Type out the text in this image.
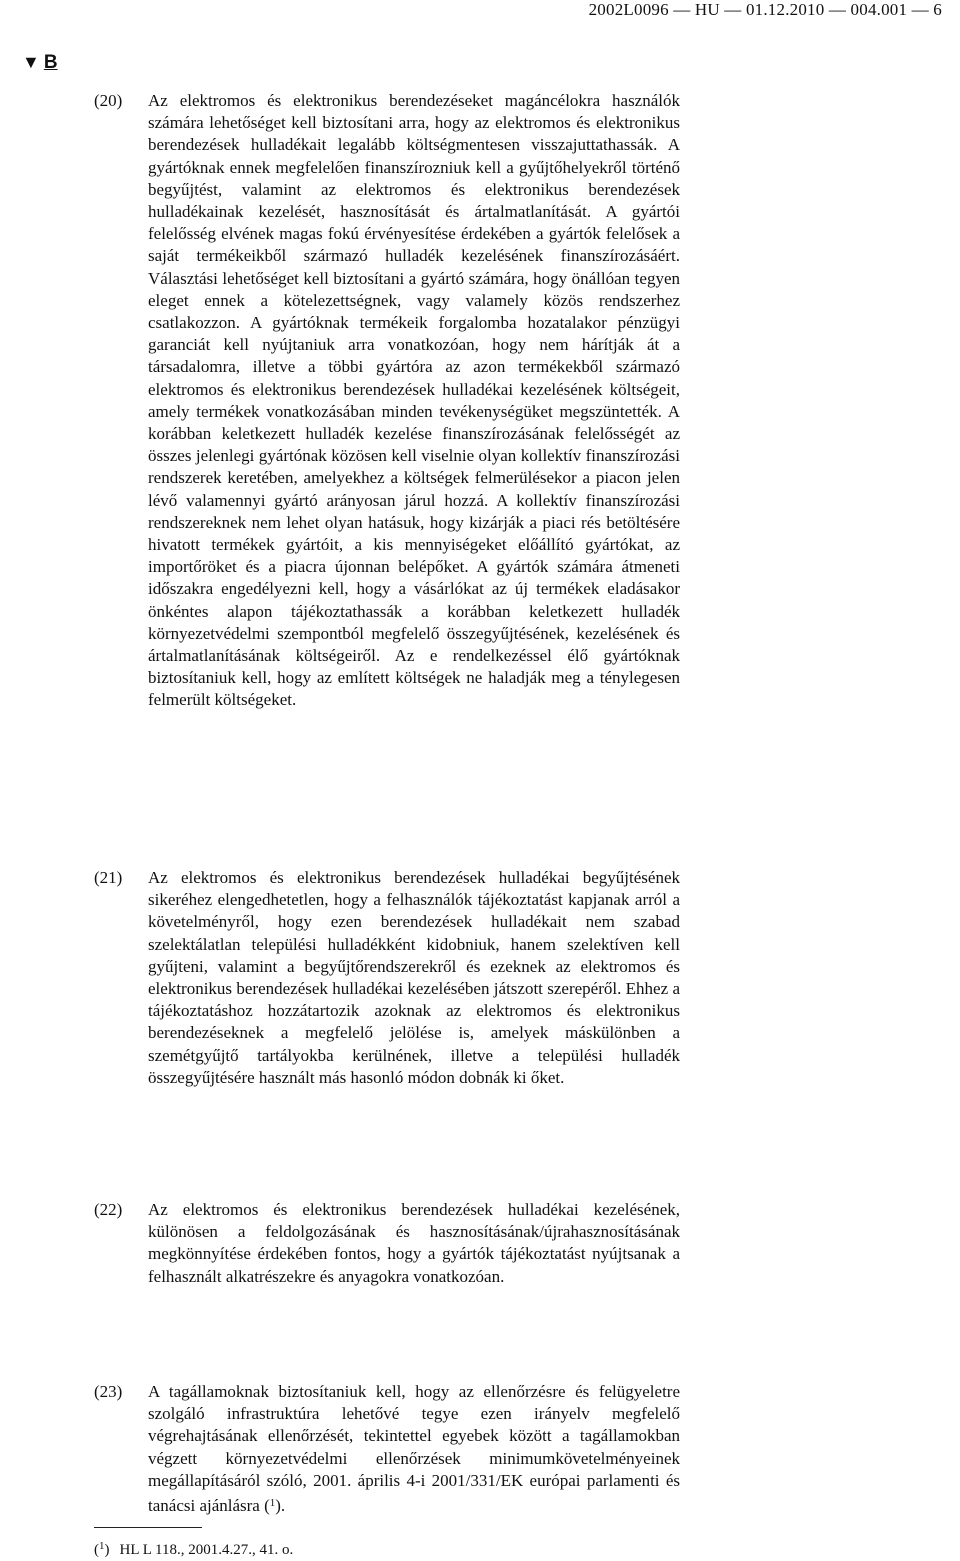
2002L0096 — HU — 01.12.2010 — 004.001 — 6
▼ B
(20)	Az elektromos és elektronikus berendezéseket magáncélokra használók számára lehetőséget kell biztosítani arra, hogy az elektromos és elektronikus berendezések hulladékait legalább költségmentesen visszajuttathassák. A gyártóknak ennek megfelelően finanszírozniuk kell a gyűjtőhelyekről történő begyűjtést, valamint az elektromos és elektronikus berendezések hulladékainak kezelését, hasznosítását és ártalmatlanítását. A gyártói felelősség elvének magas fokú érvényesítése érdekében a gyártók felelősek a saját termékeikből származó hulladék kezelésének finanszírozásáért. Választási lehetőséget kell biztosítani a gyártó számára, hogy önállóan tegyen eleget ennek a kötelezettségnek, vagy valamely közös rendszerhez csatlakozzon. A gyártóknak termékeik forgalomba hozatalakor pénzügyi garanciát kell nyújtaniuk arra vonatkozóan, hogy nem hárítják át a társadalomra, illetve a többi gyártóra az azon termékekből származó elektromos és elektronikus berendezések hulladékai kezelésének költségeit, amely termékek vonatkozásában minden tevékenységüket megszüntették. A korábban keletkezett hulladék kezelése finanszírozásának felelősségét az összes jelenlegi gyártónak közösen kell viselnie olyan kollektív finanszírozási rendszerek keretében, amelyekhez a költségek felmerülésekor a piacon jelen lévő valamennyi gyártó arányosan járul hozzá. A kollektív finanszírozási rendszereknek nem lehet olyan hatásuk, hogy kizárják a piaci rés betöltésére hivatott termékek gyártóit, a kis mennyiségeket előállító gyártókat, az importőröket és a piacra újonnan belépőket. A gyártók számára átmeneti időszakra engedélyezni kell, hogy a vásárlókat az új termékek eladásakor önkéntes alapon tájékoztathassák a korábban keletkezett hulladék környezetvédelmi szempontból megfelelő összegyűjtésének, kezelésének és ártalmatlanításának költségeiről. Az e rendelkezéssel élő gyártóknak biztosítaniuk kell, hogy az említett költségek ne haladják meg a ténylegesen felmerült költségeket.
(21)	Az elektromos és elektronikus berendezések hulladékai begyűjtésének sikeréhez elengedhetetlen, hogy a felhasználók tájékoztatást kapjanak arról a követelményről, hogy ezen berendezések hulladékait nem szabad szelektálatlan települési hulladékként kidobniuk, hanem szelektíven kell gyűjteni, valamint a begyűjtőrendszerekről és ezeknek az elektromos és elektronikus berendezések hulladékai kezelésében játszott szerepéről. Ehhez a tájékoztatáshoz hozzátartozik azoknak az elektromos és elektronikus berendezéseknek a megfelelő jelölése is, amelyek máskülönben a szemétgyűjtő tartályokba kerülnének, illetve a települési hulladék összegyűjtésére használt más hasonló módon dobnák ki őket.
(22)	Az elektromos és elektronikus berendezések hulladékai kezelésének, különösen a feldolgozásának és hasznosításának/újrahasznosításának megkönnyítése érdekében fontos, hogy a gyártók tájékoztatást nyújtsanak a felhasznált alkatrészekre és anyagokra vonatkozóan.
(23)	A tagállamoknak biztosítaniuk kell, hogy az ellenőrzésre és felügyeletre szolgáló infrastruktúra lehetővé tegye ezen irányelv megfelelő végrehajtásának ellenőrzését, tekintettel egyebek között a tagállamokban végzett környezetvédelmi ellenőrzések minimumkövetelményeinek megállapításáról szóló, 2001. április 4-i 2001/331/EK európai parlamenti és tanácsi ajánlásra ($^1$).
($^1$) HL L 118., 2001.4.27., 41. o.
